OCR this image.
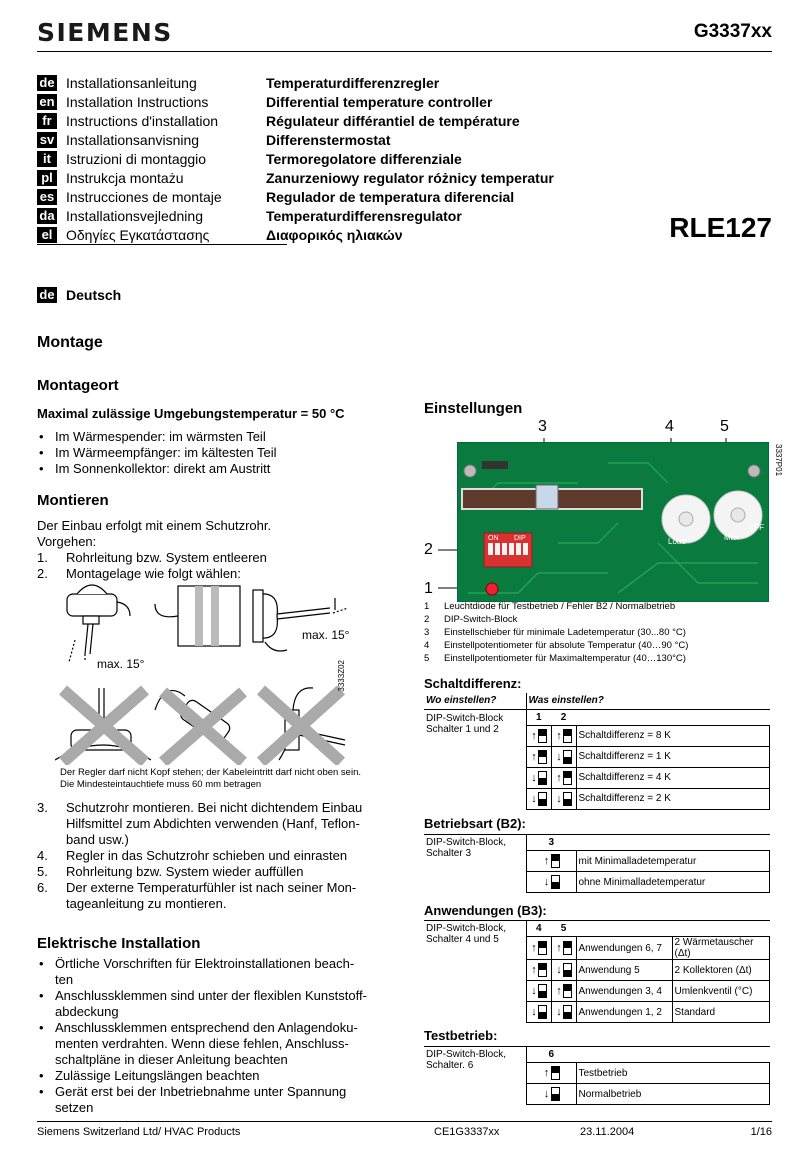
SIEMENS	G3337xx
de Installationsanleitung	Temperaturdifferenzregler
en Installation Instructions	Differential temperature controller
fr	Instructions d'installation	Régulateur différantiel de température
sv Installationsanvisning	Differenstermostat
it	Istruzioni di montaggio	Termoregolatore differenziale
pl Instrukcja montażu	Zanurzeniowy regulator różnicy temperatur
es Instrucciones de montaje	Regulador de temperatura diferencial
da Installationsvejledning	Temperaturdifferensregulator
el Οδηγίες Εγκατάστασης	Διαφορικός ηλιακών	RLE127
de Deutsch
Montage
Montageort
Maximal zulässige Umgebungstemperatur = 50 °C
• Im Wärmespender: im wärmsten Teil
• Im Wärmeempfänger: im kältesten Teil
• Im Sonnenkollektor: direkt am Austritt
Montieren
Der Einbau erfolgt mit einem Schutzrohr.
Vorgehen:
1. Rohrleitung bzw. System entleeren
2. Montagelage wie folgt wählen:
max. 15°
max. 15°	3333Z02
Der Regler darf nicht Kopf stehen; der Kabeleintritt darf nicht oben sein.
Die Mindesteintauchtiefe muss 60 mm betragen
3. Schutzrohr montieren. Bei nicht dichtendem Einbau Hilfsmittel zum Abdichten verwenden (Hanf, Teflon-band usw.)
4. Regler in das Schutzrohr schieben und einrasten
5. Rohrleitung bzw. System wieder auffüllen
6. Der externe Temperaturfühler ist nach seiner Mon-tageanleitung zu montieren.
Elektrische Installation
• Örtliche Vorschriften für Elektroinstallationen beach-ten
• Anschlussklemmen sind unter der flexiblen Kunststoff-abdeckung
• Anschlussklemmen entsprechend den Anlagendoku-menten verdrahten. Wenn diese fehlen, Anschluss-schaltpläne in dieser Anleitung beachten
• Zulässige Leitungslängen beachten
• Gerät erst bei der Inbetriebnahme unter Spannung setzen
Einstellungen
3	4	5
2
1
ON DIP	Load	Max
OFF
3337P01
1	Leuchtdiode für Testbetrieb / Fehler B2 / Normalbetrieb
2	DIP-Switch-Block
3	Einstellschieber für minimale Ladetemperatur (30...80 °C)
4	Einstellpotentiometer für absolute Temperatur (40…90 °C)
5	Einstellpotentiometer für Maximaltemperatur (40…130°C)
Schaltdifferenz:
Wo einstellen?	Was einstellen?		

DIP-Switch-Block
Schalter 1 und 2	1	2	
	↑	↑	Schaltdifferenz = 8 K
	↑	↓	Schaltdifferenz = 1 K
	↓	↑	Schaltdifferenz = 4 K
	↓	↓	Schaltdifferenz = 2 K
Betriebsart (B2):
DIP-Switch-Block,
Schalter 3	3	
	↑	mit Minimalladetemperatur
	↓	ohne Minimalladetemperatur
Anwendungen (B3):
DIP-Switch-Block,
Schalter 4 und 5	4	5		
	↑	↑	Anwendungen 6, 7	2 Wärmetauscher (Δt)
	↑	↓	Anwendung 5	2 Kollektoren (Δt)
	↓	↑	Anwendungen 3, 4	Umlenkventil (°C)
	↓	↓	Anwendungen 1, 2	Standard
Testbetrieb:
DIP-Switch-Block,
Schalter. 6	6	
	↑	Testbetrieb
	↓	Normalbetrieb
Siemens Switzerland Ltd/ HVAC Products	CE1G3337xx	23.11.2004	1/16
